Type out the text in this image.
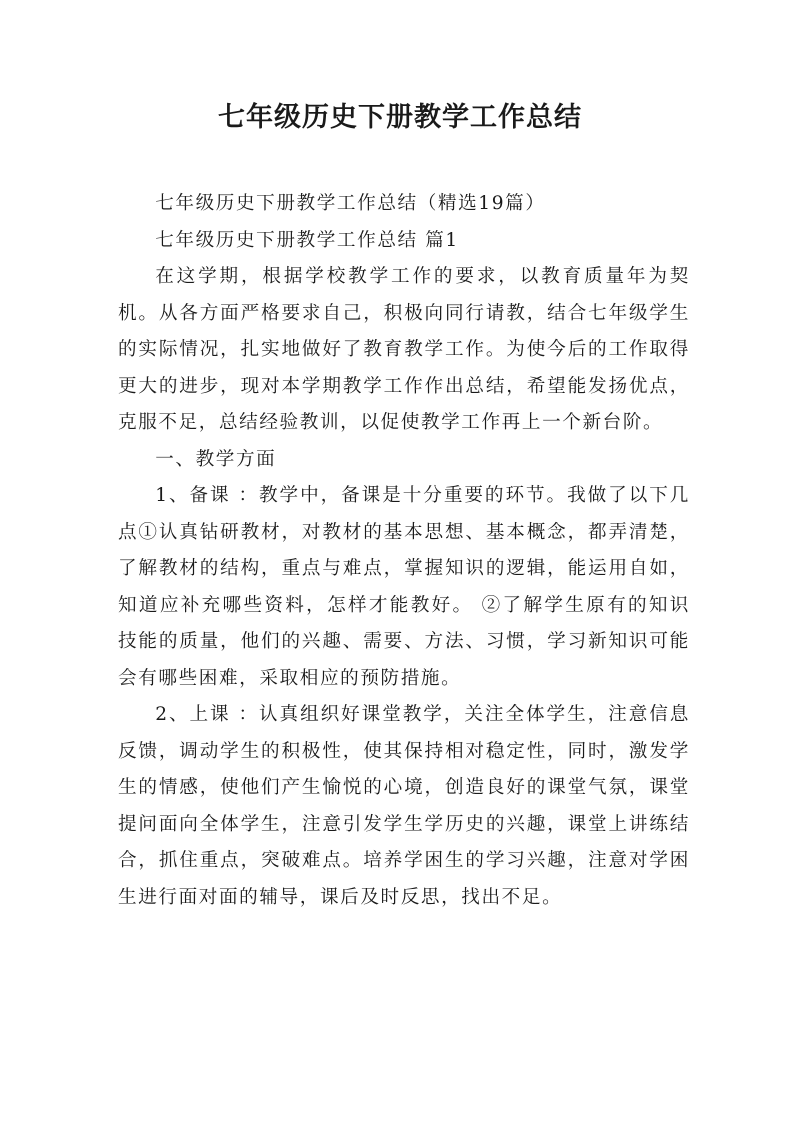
七年级历史下册教学工作总结

七年级历史下册教学工作总结（精选19篇）

七年级历史下册教学工作总结 篇1

在这学期，根据学校教学工作的要求，以教育质量年为契机。从各方面严格要求自己，积极向同行请教，结合七年级学生的实际情况，扎实地做好了教育教学工作。为使今后的工作取得更大的进步，现对本学期教学工作作出总结，希望能发扬优点，克服不足，总结经验教训，以促使教学工作再上一个新台阶。

一、教学方面

1、备课 ：教学中，备课是十分重要的环节。我做了以下几点①认真钻研教材，对教材的基本思想、基本概念，都弄清楚，了解教材的结构，重点与难点，掌握知识的逻辑，能运用自如，知道应补充哪些资料，怎样才能教好。 ②了解学生原有的知识技能的质量，他们的兴趣、需要、方法、习惯，学习新知识可能会有哪些困难，采取相应的预防措施。

2、上课 ：认真组织好课堂教学，关注全体学生，注意信息反馈，调动学生的积极性，使其保持相对稳定性，同时，激发学生的情感，使他们产生愉悦的心境，创造良好的课堂气氛，课堂提问面向全体学生，注意引发学生学历史的兴趣，课堂上讲练结合，抓住重点，突破难点。培养学困生的学习兴趣，注意对学困生进行面对面的辅导，课后及时反思，找出不足。
